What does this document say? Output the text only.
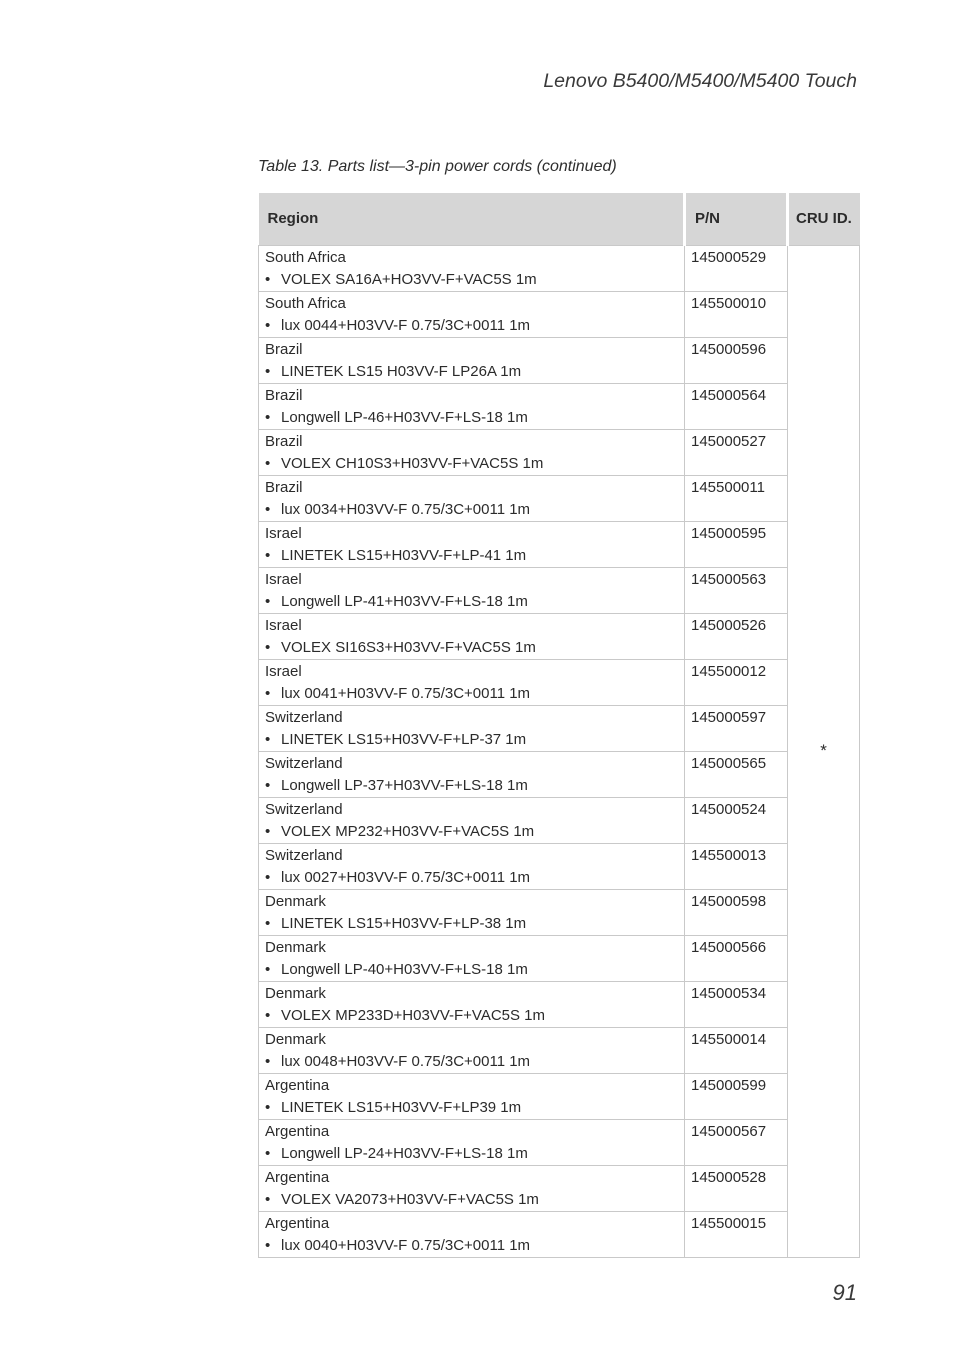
Lenovo B5400/M5400/M5400 Touch
Table 13. Parts list—3-pin power cords (continued)
Region	P/N	CRU ID.

South Africa
• VOLEX SA16A+HO3VV-F+VAC5S 1m	145000529	*

South Africa
• lux 0044+H03VV-F 0.75/3C+0011 1m	145500010	

Brazil
• LINETEK LS15 H03VV-F LP26A 1m	145000596	

Brazil
• Longwell LP-46+H03VV-F+LS-18 1m	145000564	

Brazil
• VOLEX CH10S3+H03VV-F+VAC5S 1m	145000527	

Brazil
• lux 0034+H03VV-F 0.75/3C+0011 1m	145500011	

Israel
• LINETEK LS15+H03VV-F+LP-41 1m	145000595	

Israel
• Longwell LP-41+H03VV-F+LS-18 1m	145000563	

Israel
• VOLEX SI16S3+H03VV-F+VAC5S 1m	145000526	

Israel
• lux 0041+H03VV-F 0.75/3C+0011 1m	145500012	

Switzerland
• LINETEK LS15+H03VV-F+LP-37 1m	145000597	

Switzerland
• Longwell LP-37+H03VV-F+LS-18 1m	145000565	

Switzerland
• VOLEX MP232+H03VV-F+VAC5S 1m	145000524	

Switzerland
• lux 0027+H03VV-F 0.75/3C+0011 1m	145500013	

Denmark
• LINETEK LS15+H03VV-F+LP-38 1m	145000598	

Denmark
• Longwell LP-40+H03VV-F+LS-18 1m	145000566	

Denmark
• VOLEX MP233D+H03VV-F+VAC5S 1m	145000534	

Denmark
• lux 0048+H03VV-F 0.75/3C+0011 1m	145500014	

Argentina
• LINETEK LS15+H03VV-F+LP39 1m	145000599	

Argentina
• Longwell LP-24+H03VV-F+LS-18 1m	145000567	

Argentina
• VOLEX VA2073+H03VV-F+VAC5S 1m	145000528	

Argentina
• lux 0040+H03VV-F 0.75/3C+0011 1m	145500015	
91
